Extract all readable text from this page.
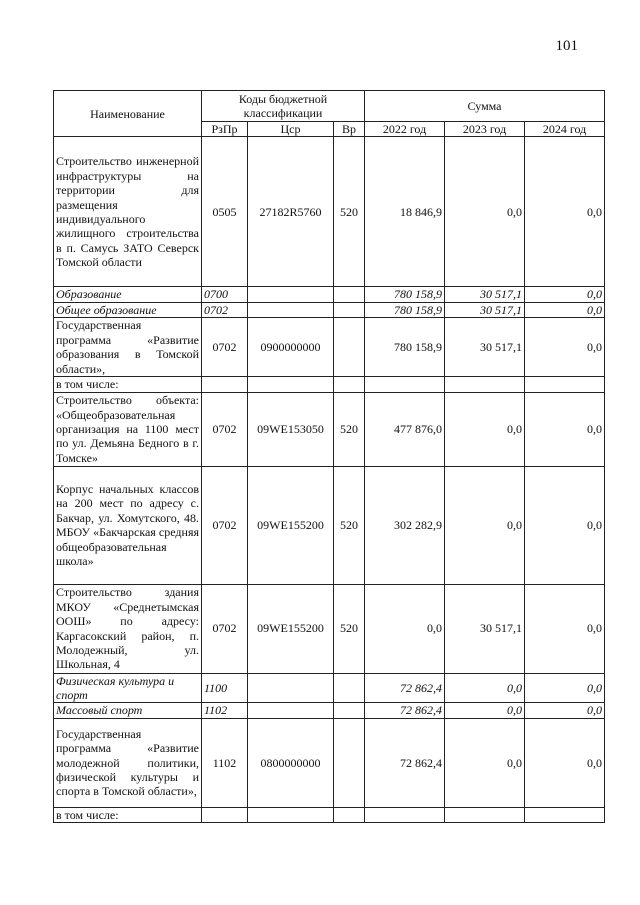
101
Наименование	Коды бюджетной классификации			Сумма		
	РзПр	Цср	Вр	2022 год	2023 год	2024 год
Строительство инженерной инфраструктуры на территории для размещения индивидуального жилищного строительства в п. Самусь ЗАТО Северск Томской области	0505	27182R5760	520	18 846,9	0,0	0,0
Образование	0700			780 158,9	30 517,1	0,0
Общее образование	0702			780 158,9	30 517,1	0,0
Государственная программа «Развитие образования в Томской области»,	0702	0900000000		780 158,9	30 517,1	0,0
в том числе:						
Строительство объекта: «Общеобразовательная организация на 1100 мест по ул. Демьяна Бедного в г. Томске»	0702	09WE153050	520	477 876,0	0,0	0,0
Корпус начальных классов на 200 мест по адресу с. Бакчар, ул. Хомутского, 48. МБОУ «Бакчарская средняя общеобразовательная школа»	0702	09WE155200	520	302 282,9	0,0	0,0
Строительство здания МКОУ «Среднетымская ООШ» по адресу: Каргасокский район, п. Молодежный, ул. Школьная, 4	0702	09WE155200	520	0,0	30 517,1	0,0
Физическая культура и спорт	1100			72 862,4	0,0	0,0
Массовый спорт	1102			72 862,4	0,0	0,0
Государственная программа «Развитие молодежной политики, физической культуры и спорта в Томской области»,	1102	0800000000		72 862,4	0,0	0,0
в том числе:						
